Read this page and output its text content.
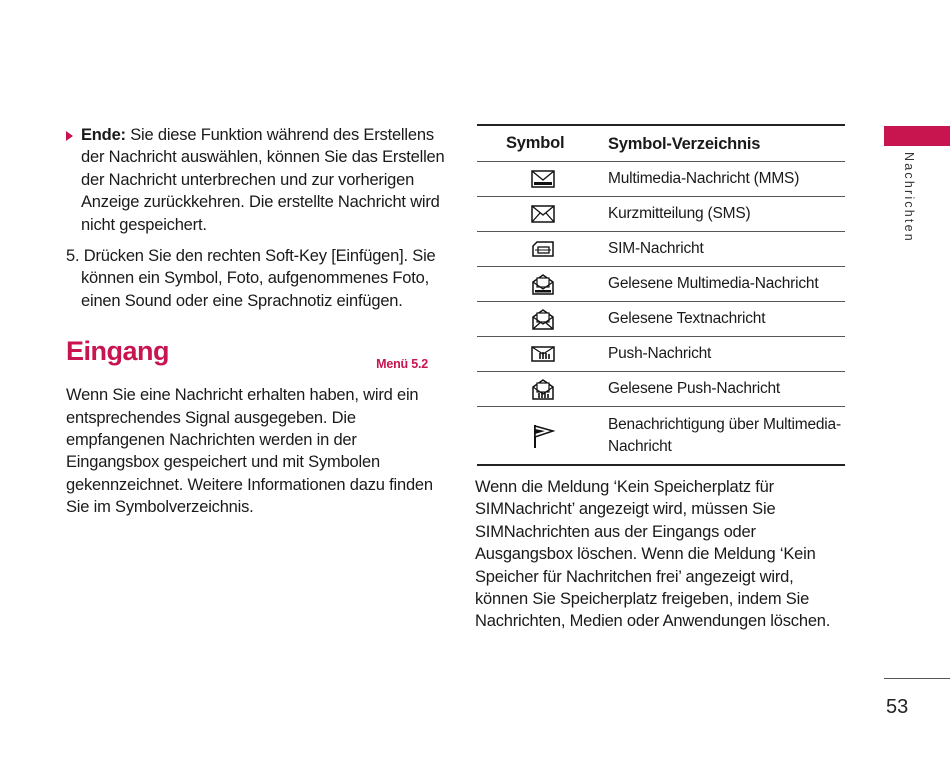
Ende: Sie diese Funktion während des Erstellens der Nachricht auswählen, können Sie das Erstellen der Nachricht unterbrechen und zur vorherigen Anzeige zurückkehren. Die erstellte Nachricht wird nicht gespeichert.
5. Drücken Sie den rechten Soft-Key [Einfügen]. Sie können ein Symbol, Foto, aufgenommenes Foto, einen Sound oder eine Sprachnotiz einfügen.
Eingang	Menü 5.2
Wenn Sie eine Nachricht erhalten haben, wird ein entsprechendes Signal ausgegeben. Die empfangenen Nachrichten werden in der Eingangsbox gespeichert und mit Symbolen gekennzeichnet. Weitere Informationen dazu finden Sie im Symbolverzeichnis.
Symbol	Symbol-Verzeichnis
Multimedia-Nachricht (MMS)
Kurzmitteilung (SMS)
SIM-Nachricht
Gelesene Multimedia-Nachricht
Gelesene Textnachricht
Push-Nachricht
Gelesene Push-Nachricht
Benachrichtigung über Multimedia-Nachricht
Wenn die Meldung ‘Kein Speicherplatz für SIMNachricht’ angezeigt wird, müssen Sie SIMNachrichten aus der Eingangs oder Ausgangsbox löschen. Wenn die Meldung ‘Kein Speicher für Nachritchen frei’ angezeigt wird, können Sie Speicherplatz freigeben, indem Sie Nachrichten, Medien oder Anwendungen löschen.
Nachrichten
53
